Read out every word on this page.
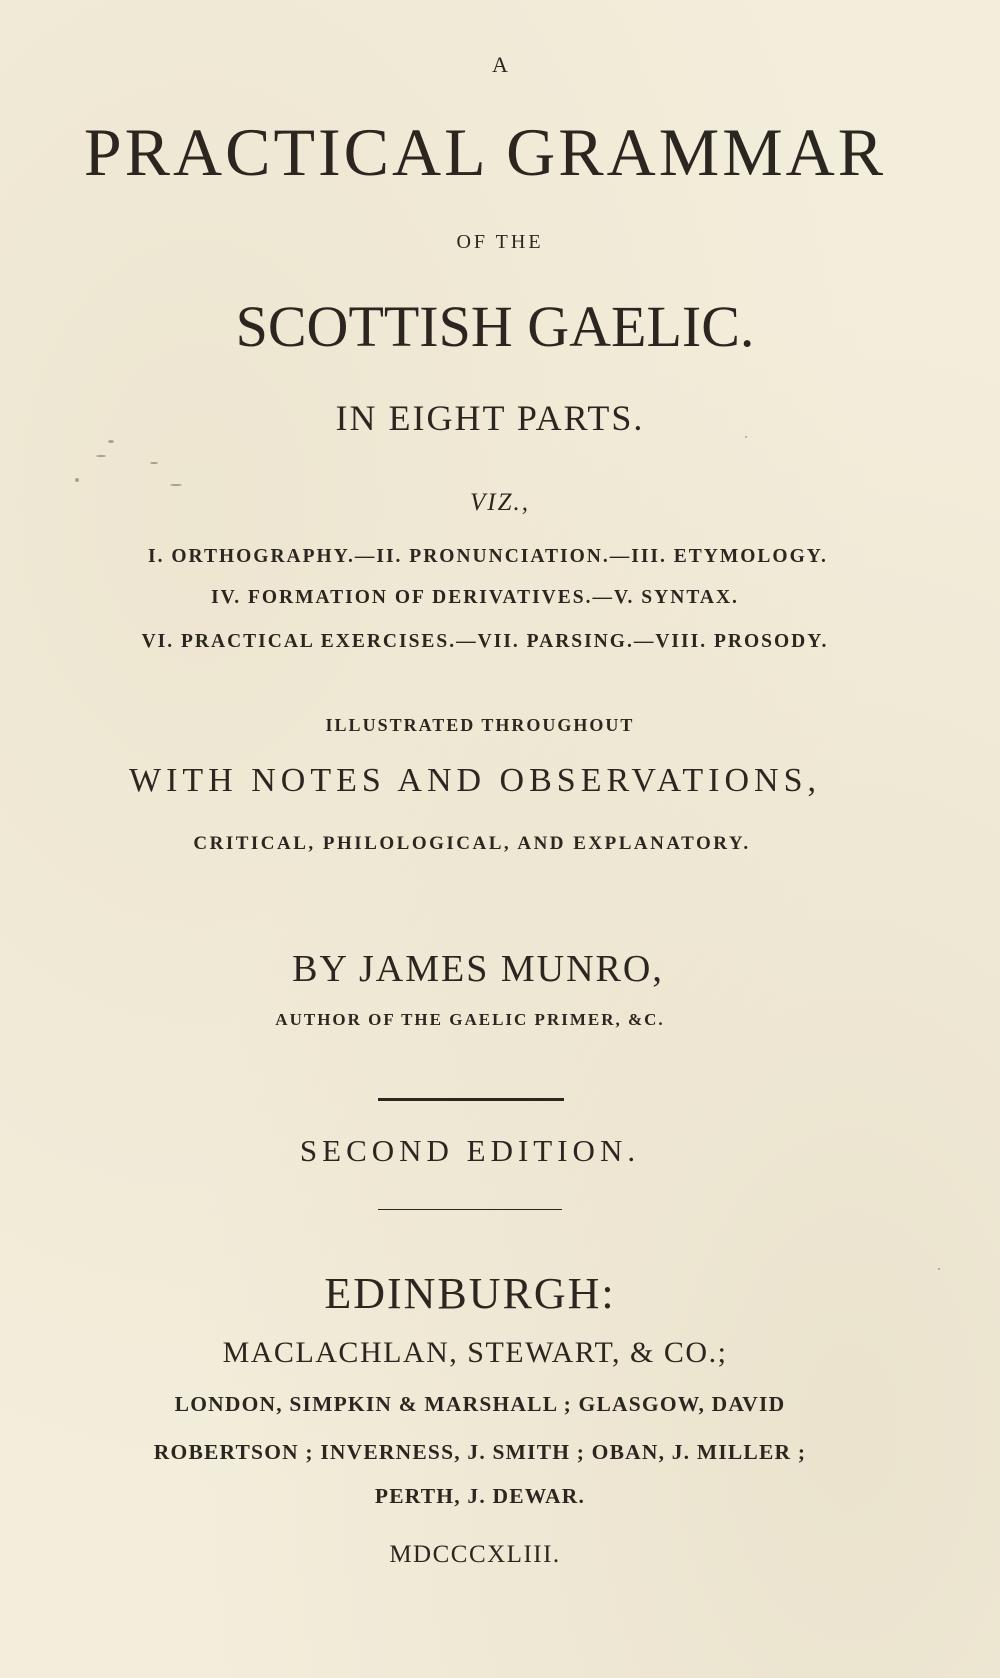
A
PRACTICAL GRAMMAR
OF THE
SCOTTISH GAELIC.
IN EIGHT PARTS.
VIZ.,
I. ORTHOGRAPHY.—II. PRONUNCIATION.—III. ETYMOLOGY.
IV. FORMATION OF DERIVATIVES.—V. SYNTAX.
VI. PRACTICAL EXERCISES.—VII. PARSING.—VIII. PROSODY.
ILLUSTRATED THROUGHOUT
WITH NOTES AND OBSERVATIONS,
CRITICAL, PHILOLOGICAL, AND EXPLANATORY.
BY JAMES MUNRO,
AUTHOR OF THE GAELIC PRIMER, &C.
SECOND EDITION.
EDINBURGH:
MACLACHLAN, STEWART, & CO.;
LONDON, SIMPKIN & MARSHALL ; GLASGOW, DAVID
ROBERTSON ; INVERNESS, J. SMITH ; OBAN, J. MILLER ;
PERTH, J. DEWAR.
MDCCCXLIII.
